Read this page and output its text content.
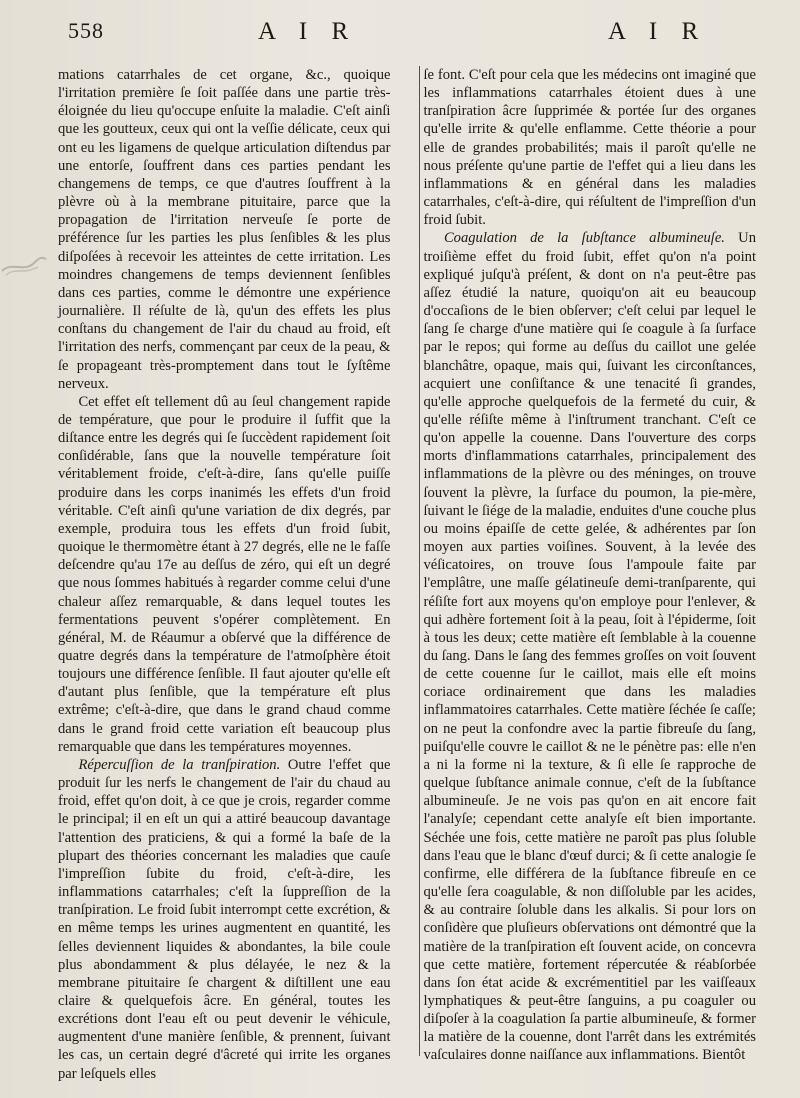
558	A I R	A I R

mations catarrhales de cet organe, &c., quoique l'irritation première ſe ſoit paſſée dans une partie très-éloignée du lieu qu'occupe enſuite la maladie. C'eſt ainſi que les goutteux, ceux qui ont la veſſie délicate, ceux qui ont eu les ligamens de quelque articulation diſtendus par une entorſe, ſouffrent dans ces parties pendant les changemens de temps, ce que d'autres ſouffrent à la plèvre où à la membrane pituitaire, parce que la propagation de l'irritation nerveuſe ſe porte de préférence ſur les parties les plus ſenſibles & les plus diſpoſées à recevoir les atteintes de cette irritation. Les moindres changemens de temps deviennent ſenſibles dans ces parties, comme le démontre une expérience journalière. Il réſulte de là, qu'un des effets les plus conſtans du changement de l'air du chaud au froid, eſt l'irritation des nerfs, commençant par ceux de la peau, & ſe propageant très-promptement dans tout le ſyſtême nerveux.

Cet effet eſt tellement dû au ſeul changement rapide de température, que pour le produire il ſuffit que la diſtance entre les degrés qui ſe ſuccèdent rapidement ſoit conſidérable, ſans que la nouvelle température ſoit véritablement froide, c'eſt-à-dire, ſans qu'elle puiſſe produire dans les corps inanimés les effets d'un froid véritable. C'eſt ainſi qu'une variation de dix degrés, par exemple, produira tous les effets d'un froid ſubit, quoique le thermomètre étant à 27 degrés, elle ne le faſſe deſcendre qu'au 17e au deſſus de zéro, qui eſt un degré que nous ſommes habitués à regarder comme celui d'une chaleur aſſez remarquable, & dans lequel toutes les fermentations peuvent s'opérer complètement. En général, M. de Réaumur a obſervé que la différence de quatre degrés dans la température de l'atmoſphère étoit toujours une différence ſenſible. Il faut ajouter qu'elle eſt d'autant plus ſenſible, que la température eſt plus extrême; c'eſt-à-dire, que dans le grand chaud comme dans le grand froid cette variation eſt beaucoup plus remarquable que dans les températures moyennes.

Répercuſſion de la tranſpiration. Outre l'effet que produit ſur les nerfs le changement de l'air du chaud au froid, effet qu'on doit, à ce que je crois, regarder comme le principal; il en eſt un qui a attiré beaucoup davantage l'attention des praticiens, & qui a formé la baſe de la plupart des théories concernant les maladies que cauſe l'impreſſion ſubite du froid, c'eſt-à-dire, les inflammations catarrhales; c'eſt la ſuppreſſion de la tranſpiration. Le froid ſubit interrompt cette excrétion, & en même temps les urines augmentent en quantité, les ſelles deviennent liquides & abondantes, la bile coule plus abondamment & plus délayée, le nez & la membrane pituitaire ſe chargent & diſtillent une eau claire & quelquefois âcre. En général, toutes les excrétions dont l'eau eſt ou peut devenir le véhicule, augmentent d'une manière ſenſible, & prennent, ſuivant les cas, un certain degré d'âcreté qui irrite les organes par leſquels elles

ſe font. C'eſt pour cela que les médecins ont imaginé que les inflammations catarrhales étoient dues à une tranſpiration âcre ſupprimée & portée ſur des organes qu'elle irrite & qu'elle enflamme. Cette théorie a pour elle de grandes probabilités; mais il paroît qu'elle ne nous préſente qu'une partie de l'effet qui a lieu dans les inflammations & en général dans les maladies catarrhales, c'eſt-à-dire, qui réſultent de l'impreſſion d'un froid ſubit.

Coagulation de la ſubſtance albumineuſe. Un troiſième effet du froid ſubit, effet qu'on n'a point expliqué juſqu'à préſent, & dont on n'a peut-être pas aſſez étudié la nature, quoiqu'on ait eu beaucoup d'occaſions de le bien obſerver; c'eſt celui par lequel le ſang ſe charge d'une matière qui ſe coagule à ſa ſurface par le repos; qui forme au deſſus du caillot une gelée blanchâtre, opaque, mais qui, ſuivant les circonſtances, acquiert une conſiſtance & une tenacité ſi grandes, qu'elle approche quelquefois de la fermeté du cuir, & qu'elle réſiſte même à l'inſtrument tranchant. C'eſt ce qu'on appelle la couenne. Dans l'ouverture des corps morts d'inflammations catarrhales, principalement des inflammations de la plèvre ou des méninges, on trouve ſouvent la plèvre, la ſurface du poumon, la pie-mère, ſuivant le ſiége de la maladie, enduites d'une couche plus ou moins épaiſſe de cette gelée, & adhérentes par ſon moyen aux parties voiſines. Souvent, à la levée des véſicatoires, on trouve ſous l'ampoule faite par l'emplâtre, une maſſe gélatineuſe demi-tranſparente, qui réſiſte fort aux moyens qu'on employe pour l'enlever, & qui adhère fortement ſoit à la peau, ſoit à l'épiderme, ſoit à tous les deux; cette matière eſt ſemblable à la couenne du ſang. Dans le ſang des femmes groſſes on voit ſouvent de cette couenne ſur le caillot, mais elle eſt moins coriace ordinairement que dans les maladies inflammatoires catarrhales. Cette matière ſéchée ſe caſſe; on ne peut la confondre avec la partie fibreuſe du ſang, puiſqu'elle couvre le caillot & ne le pénètre pas: elle n'en a ni la forme ni la texture, & ſi elle ſe rapproche de quelque ſubſtance animale connue, c'eſt de la ſubſtance albumineuſe. Je ne vois pas qu'on en ait encore fait l'analyſe; cependant cette analyſe eſt bien importante. Séchée une fois, cette matière ne paroît pas plus ſoluble dans l'eau que le blanc d'œuf durci; & ſi cette analogie ſe confirme, elle différera de la ſubſtance fibreuſe en ce qu'elle ſera coagulable, & non diſſoluble par les acides, & au contraire ſoluble dans les alkalis. Si pour lors on conſidère que pluſieurs obſervations ont démontré que la matière de la tranſpiration eſt ſouvent acide, on concevra que cette matière, fortement répercutée & réabſorbée dans ſon état acide & excrémentitiel par les vaiſſeaux lymphatiques & peut-être ſanguins, a pu coaguler ou diſpoſer à la coagulation ſa partie albumineuſe, & former la matière de la couenne, dont l'arrêt dans les extrémités vaſculaires donne naiſſance aux inflammations. Bientôt
